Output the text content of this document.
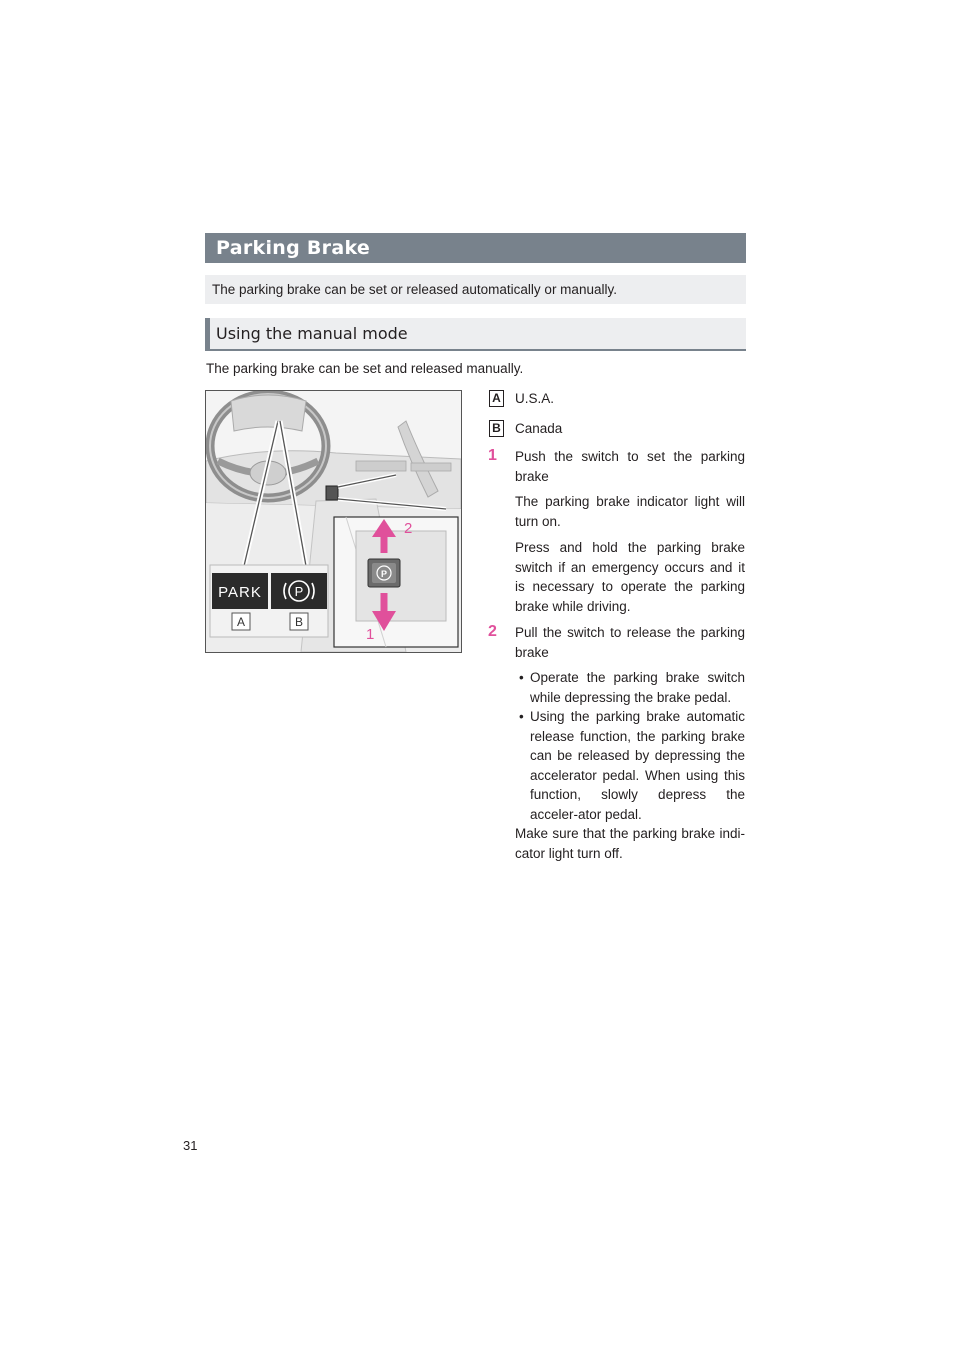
Parking Brake
The parking brake can be set or released automatically or manually.
Using the manual mode
The parking brake can be set and released manually.
P
2
1
PARK	P
A	B
A U.S.A.
B Canada
1 Push the switch to set the parking brake
The parking brake indicator light will turn on.
Press and hold the parking brake switch if an emergency occurs and it is necessary to operate the parking brake while driving.
2 Pull the switch to release the parking brake
• Operate the parking brake switch while depressing the brake pedal.
• Using the parking brake automatic release function, the parking brake can be released by depressing the accelerator pedal. When using this function, slowly depress the acceler-ator pedal.
Make sure that the parking brake indi-cator light turn off.
31
